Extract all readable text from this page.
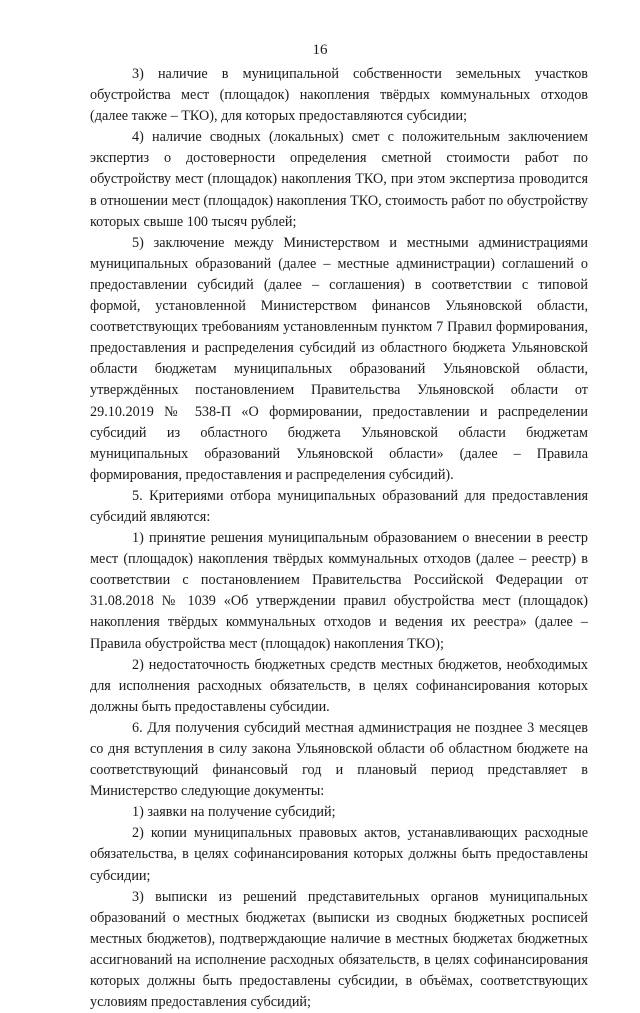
16

3) наличие в муниципальной собственности земельных участков обустройства мест (площадок) накопления твёрдых коммунальных отходов (далее также – ТКО), для которых предоставляются субсидии;

4) наличие сводных (локальных) смет с положительным заключением экспертиз о достоверности определения сметной стоимости работ по обустройству мест (площадок) накопления ТКО, при этом экспертиза проводится в отношении мест (площадок) накопления ТКО, стоимость работ по обустройству которых свыше 100 тысяч рублей;

5) заключение между Министерством и местными администрациями муниципальных образований (далее – местные администрации) соглашений о предоставлении субсидий (далее – соглашения) в соответствии с типовой формой, установленной Министерством финансов Ульяновской области, соответствующих требованиям установленным пунктом 7 Правил формирования, предоставления и распределения субсидий из областного бюджета Ульяновской области бюджетам муниципальных образований Ульяновской области, утверждённых постановлением Правительства Ульяновской области от 29.10.2019 № 538-П «О формировании, предоставлении и распределении субсидий из областного бюджета Ульяновской области бюджетам муниципальных образований Ульяновской области» (далее – Правила формирования, предоставления и распределения субсидий).

5. Критериями отбора муниципальных образований для предоставления субсидий являются:

1) принятие решения муниципальным образованием о внесении в реестр мест (площадок) накопления твёрдых коммунальных отходов (далее – реестр) в соответствии с постановлением Правительства Российской Федерации от 31.08.2018 № 1039 «Об утверждении правил обустройства мест (площадок) накопления твёрдых коммунальных отходов и ведения их реестра» (далее – Правила обустройства мест (площадок) накопления ТКО);

2) недостаточность бюджетных средств местных бюджетов, необходимых для исполнения расходных обязательств, в целях софинансирования которых должны быть предоставлены субсидии.

6. Для получения субсидий местная администрация не позднее 3 месяцев со дня вступления в силу закона Ульяновской области об областном бюджете на соответствующий финансовый год и плановый период представляет в Министерство следующие документы:

1) заявки на получение субсидий;

2) копии муниципальных правовых актов, устанавливающих расходные обязательства, в целях софинансирования которых должны быть предоставлены субсидии;

3) выписки из решений представительных органов муниципальных образований о местных бюджетах (выписки из сводных бюджетных росписей местных бюджетов), подтверждающие наличие в местных бюджетах бюджетных ассигнований на исполнение расходных обязательств, в целях софинансирования которых должны быть предоставлены субсидии, в объёмах, соответствующих условиям предоставления субсидий;
